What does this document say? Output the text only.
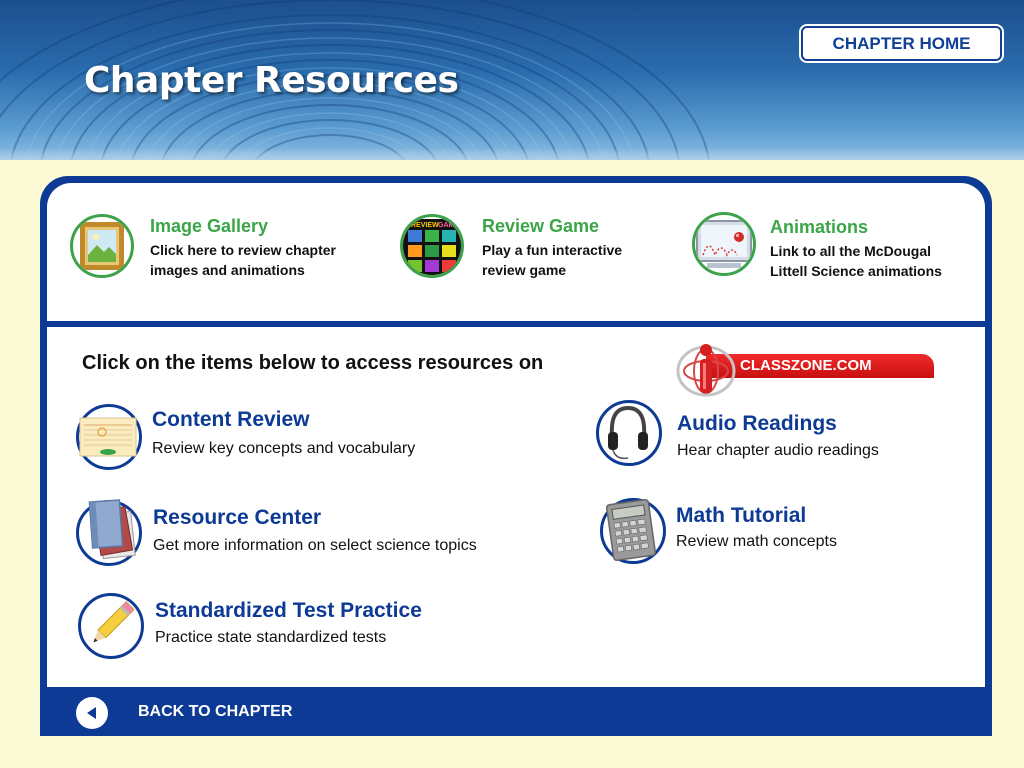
Chapter Resources
CHAPTER HOME
Image Gallery
Click here to review chapter images and animations
REVIEW GAME Review Game
Play a fun interactive review game
Animations
Link to all the McDougal Littell Science animations
Click on the items below to access resources on	CLASSZONE.COM
Content Review
Review key concepts and vocabulary
Resource Center
Get more information on select science topics
Standardized Test Practice
Practice state standardized tests
Audio Readings
Hear chapter audio readings
Math Tutorial
Review math concepts
BACK TO CHAPTER
